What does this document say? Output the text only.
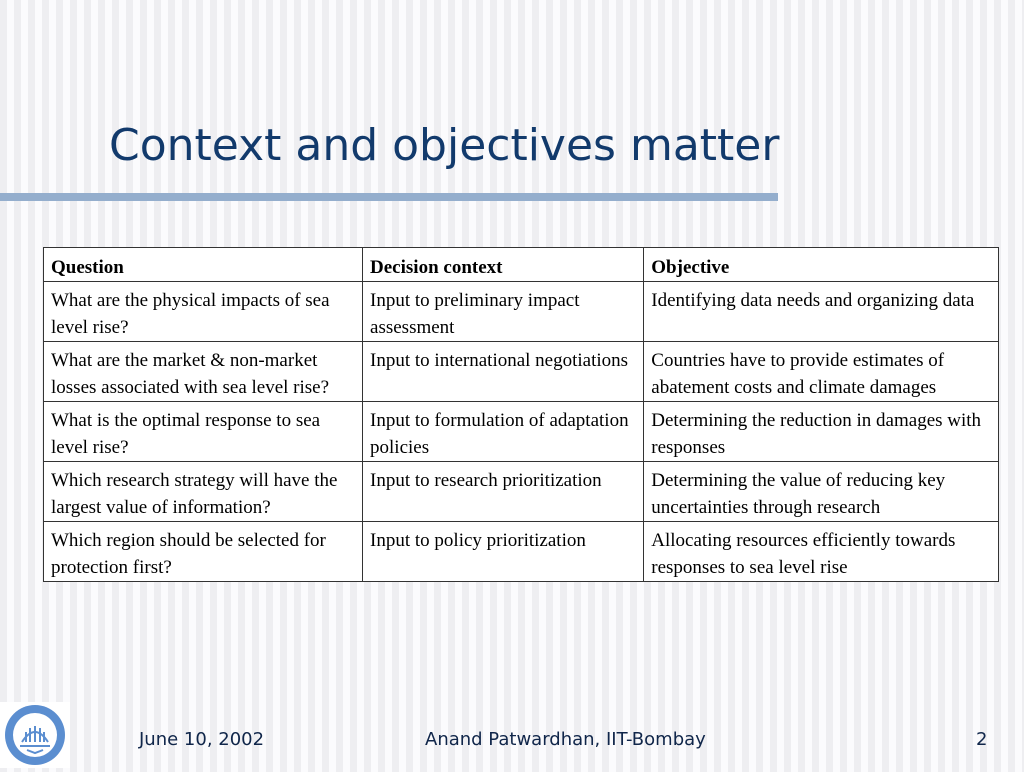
Context and objectives matter
Question	Decision context	Objective
What are the physical impacts of sea level rise?	Input to preliminary impact assessment	Identifying data needs and organizing data
What are the market & non-market losses associated with sea level rise?	Input to international negotiations	Countries have to provide estimates of abatement costs and climate damages
What is the optimal response to sea level rise?	Input to formulation of adaptation policies	Determining the reduction in damages with responses
Which research strategy will have the largest value of information?	Input to research prioritization	Determining the value of reducing key uncertainties through research
Which region should be selected for protection first?	Input to policy prioritization	Allocating resources efficiently towards responses to sea level rise
June 10, 2002	Anand Patwardhan, IIT-Bombay	2
